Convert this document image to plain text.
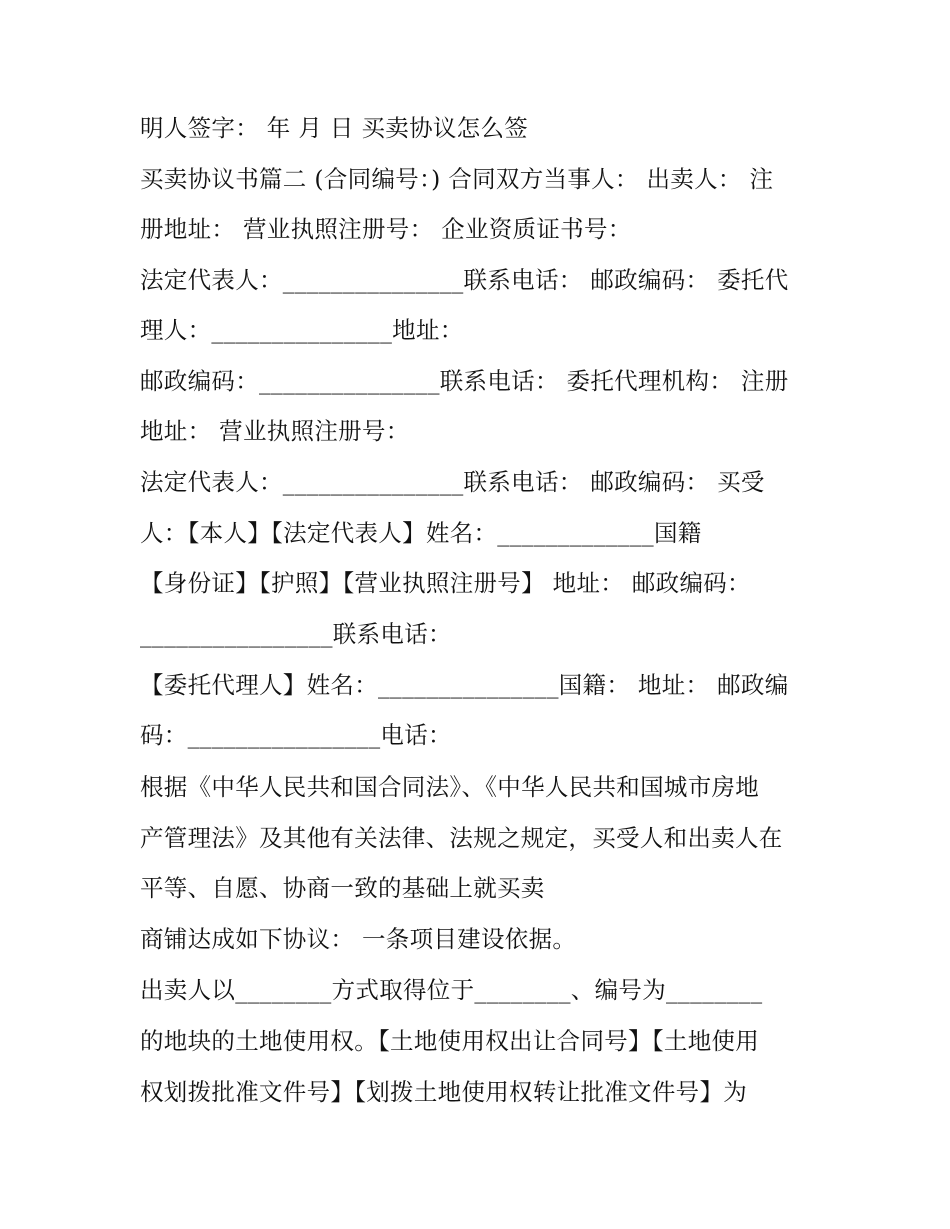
明人签字： 年 月 日 买卖协议怎么签
买卖协议书篇二 (合同编号：) 合同双方当事人： 出卖人： 注
册地址： 营业执照注册号： 企业资质证书号：
法定代表人：_______________联系电话： 邮政编码： 委托代
理人：_______________地址：
邮政编码：_______________联系电话： 委托代理机构： 注册
地址： 营业执照注册号：
法定代表人：_______________联系电话： 邮政编码： 买受
人：【本人】【法定代表人】姓名：_____________国籍
【身份证】【护照】【营业执照注册号】 地址： 邮政编码：
________________联系电话：
【委托代理人】姓名：_______________国籍： 地址： 邮政编
码：________________电话：
根据《中华人民共和国合同法》、《中华人民共和国城市房地
产管理法》及其他有关法律、法规之规定，买受人和出卖人在
平等、自愿、协商一致的基础上就买卖
商铺达成如下协议： 一条项目建设依据。
出卖人以________方式取得位于________、编号为________
的地块的土地使用权。【土地使用权出让合同号】【土地使用
权划拨批准文件号】【划拨土地使用权转让批准文件号】为
